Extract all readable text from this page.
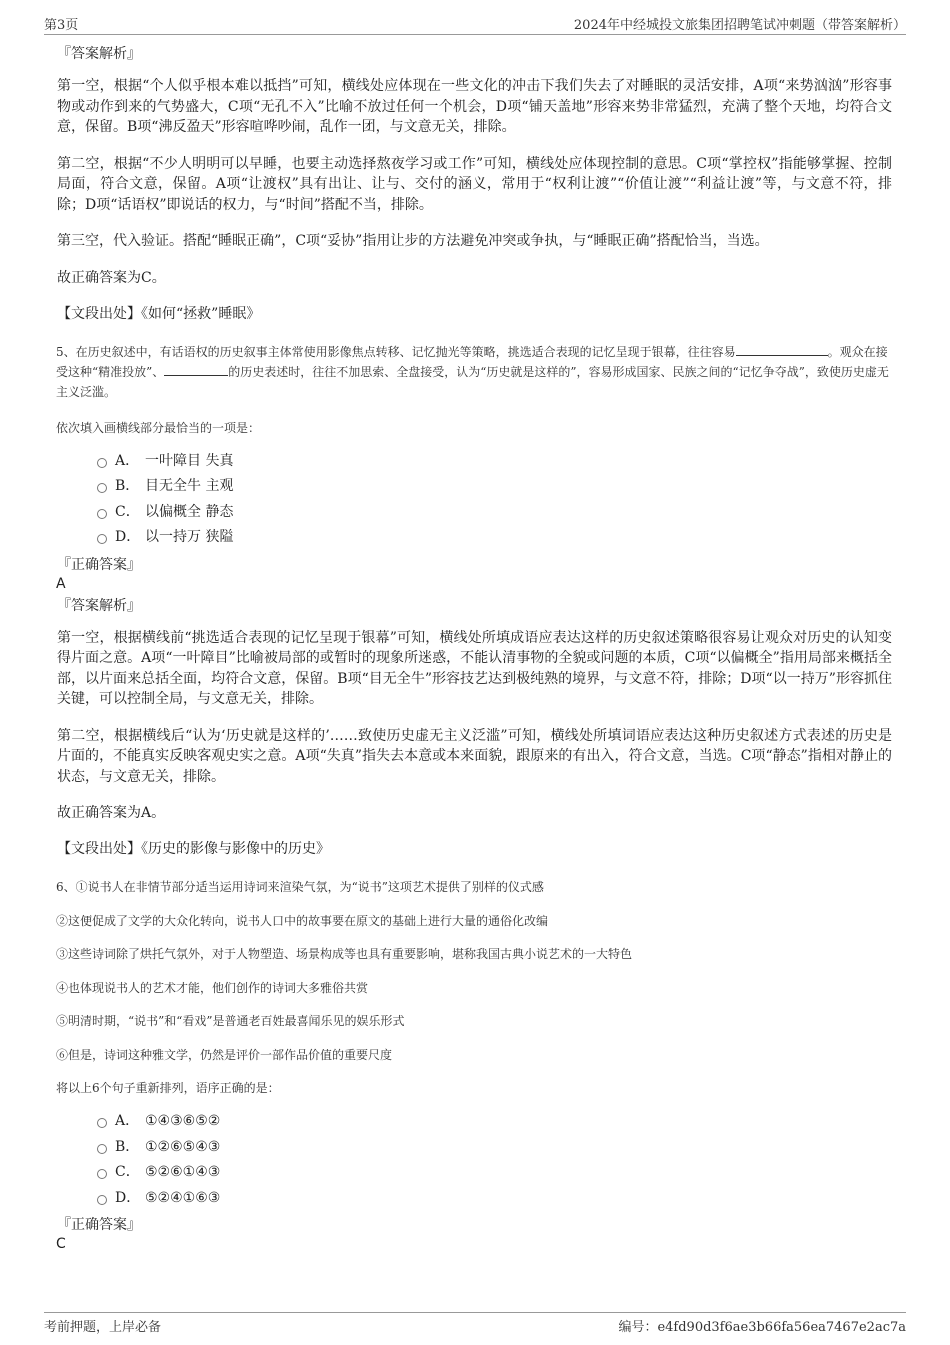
第3页	2024年中经城投文旅集团招聘笔试冲刺题（带答案解析）

『答案解析』

第一空，根据“个人似乎根本难以抵挡”可知，横线处应体现在一些文化的冲击下我们失去了对睡眠的灵活安排，A项“来势汹汹”形容事物或动作到来的气势盛大，C项“无孔不入”比喻不放过任何一个机会，D项“铺天盖地”形容来势非常猛烈，充满了整个天地，均符合文意，保留。B项“沸反盈天”形容喧哗吵闹，乱作一团，与文意无关，排除。

第二空，根据“不少人明明可以早睡，也要主动选择熬夜学习或工作”可知，横线处应体现控制的意思。C项“掌控权”指能够掌握、控制局面，符合文意，保留。A项“让渡权”具有出让、让与、交付的涵义，常用于“权利让渡”“价值让渡”“利益让渡”等，与文意不符，排除；D项“话语权”即说话的权力，与“时间”搭配不当，排除。

第三空，代入验证。搭配“睡眠正确”，C项“妥协”指用让步的方法避免冲突或争执，与“睡眠正确”搭配恰当，当选。

故正确答案为C。

【文段出处】《如何“拯救”睡眠》

5、在历史叙述中，有话语权的历史叙事主体常使用影像焦点转移、记忆抛光等策略，挑选适合表现的记忆呈现于银幕，往往容易	。观众在接受这种“精准投放”、	的历史表述时，往往不加思索、全盘接受，认为“历史就是这样的”，容易形成国家、民族之间的“记忆争夺战”，致使历史虚无主义泛滥。

依次填入画横线部分最恰当的一项是：

A． 一叶障目 失真
B． 目无全牛 主观
C． 以偏概全 静态
D． 以一持万 狭隘

『正确答案』

A

『答案解析』

第一空，根据横线前“挑选适合表现的记忆呈现于银幕”可知，横线处所填成语应表达这样的历史叙述策略很容易让观众对历史的认知变得片面之意。A项“一叶障目”比喻被局部的或暂时的现象所迷惑，不能认清事物的全貌或问题的本质，C项“以偏概全”指用局部来概括全部，以片面来总括全面，均符合文意，保留。B项“目无全牛”形容技艺达到极纯熟的境界，与文意不符，排除；D项“以一持万”形容抓住关键，可以控制全局，与文意无关，排除。

第二空，根据横线后“认为‘历史就是这样的’……致使历史虚无主义泛滥”可知，横线处所填词语应表达这种历史叙述方式表述的历史是片面的，不能真实反映客观史实之意。A项“失真”指失去本意或本来面貌，跟原来的有出入，符合文意，当选。C项“静态”指相对静止的状态，与文意无关，排除。

故正确答案为A。

【文段出处】《历史的影像与影像中的历史》

6、①说书人在非情节部分适当运用诗词来渲染气氛，为“说书”这项艺术提供了别样的仪式感

②这便促成了文学的大众化转向，说书人口中的故事要在原文的基础上进行大量的通俗化改编

③这些诗词除了烘托气氛外，对于人物塑造、场景构成等也具有重要影响，堪称我国古典小说艺术的一大特色

④也体现说书人的艺术才能，他们创作的诗词大多雅俗共赏

⑤明清时期，“说书”和“看戏”是普通老百姓最喜闻乐见的娱乐形式

⑥但是，诗词这种雅文学，仍然是评价一部作品价值的重要尺度

将以上6个句子重新排列，语序正确的是：

A． ①④③⑥⑤②
B． ①②⑥⑤④③
C． ⑤②⑥①④③
D． ⑤②④①⑥③

『正确答案』

C

考前押题，上岸必备	编号：e4fd90d3f6ae3b66fa56ea7467e2ac7a
